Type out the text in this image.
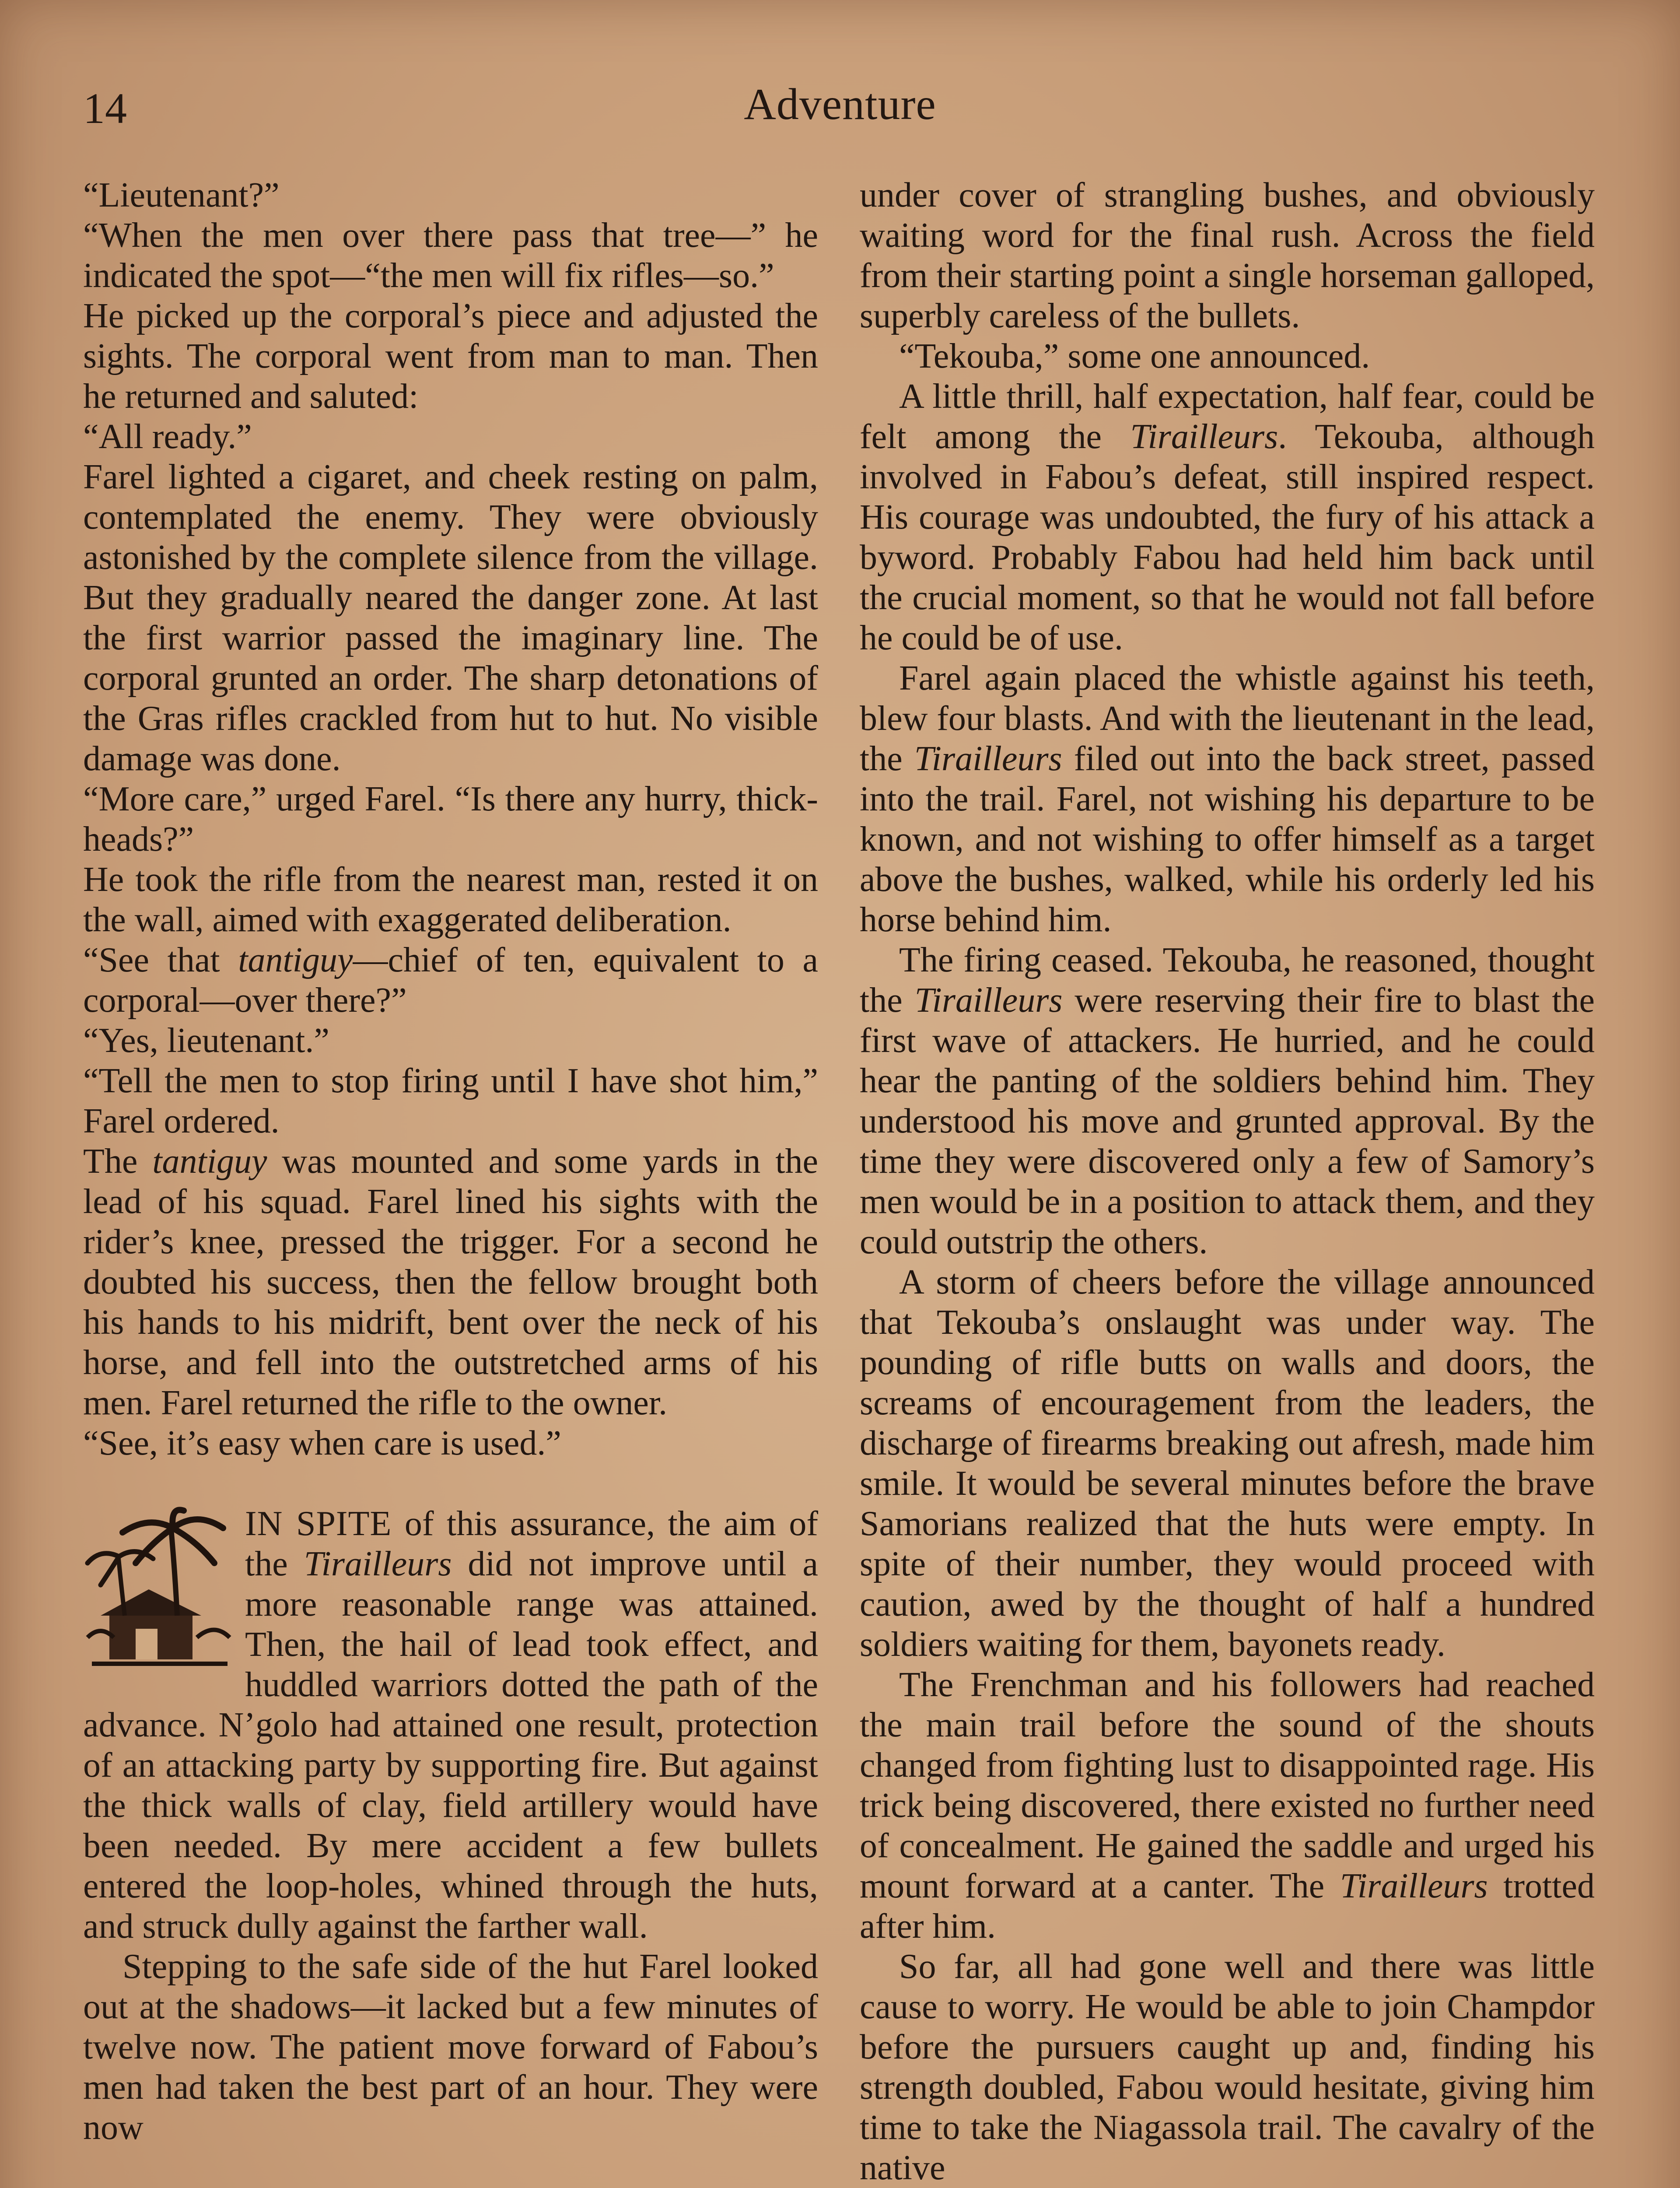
14	Adventure

“Lieutenant?”

“When the men over there pass that tree—” he indicated the spot—“the men will fix rifles—so.”

He picked up the corporal’s piece and adjusted the sights. The corporal went from man to man. Then he returned and saluted:

“All ready.”

Farel lighted a cigaret, and cheek resting on palm, contemplated the enemy. They were obviously astonished by the complete silence from the village. But they gradually neared the danger zone. At last the first warrior passed the imaginary line. The corporal grunted an order. The sharp detonations of the Gras rifles crackled from hut to hut. No visible damage was done.

“More care,” urged Farel. “Is there any hurry, thick-heads?”

He took the rifle from the nearest man, rested it on the wall, aimed with exaggerated deliberation.

“See that tantiguy—chief of ten, equivalent to a corporal—over there?”

“Yes, lieutenant.”

“Tell the men to stop firing until I have shot him,” Farel ordered.

The tantiguy was mounted and some yards in the lead of his squad. Farel lined his sights with the rider’s knee, pressed the trigger. For a second he doubted his success, then the fellow brought both his hands to his midrift, bent over the neck of his horse, and fell into the outstretched arms of his men. Farel returned the rifle to the owner.

“See, it’s easy when care is used.”

IN SPITE of this assurance, the aim of the Tirailleurs did not improve until a more reasonable range was attained. Then, the hail of lead took effect, and huddled warriors dotted the path of the advance. N’golo had attained one result, protection of an attacking party by supporting fire. But against the thick walls of clay, field artillery would have been needed. By mere accident a few bullets entered the loop-holes, whined through the huts, and struck dully against the farther wall.

Stepping to the safe side of the hut Farel looked out at the shadows—it lacked but a few minutes of twelve now. The patient move forward of Fabou’s men had taken the best part of an hour. They were now

under cover of strangling bushes, and obviously waiting word for the final rush. Across the field from their starting point a single horseman galloped, superbly careless of the bullets.

“Tekouba,” some one announced.

A little thrill, half expectation, half fear, could be felt among the Tirailleurs. Tekouba, although involved in Fabou’s defeat, still inspired respect. His courage was undoubted, the fury of his attack a byword. Probably Fabou had held him back until the crucial moment, so that he would not fall before he could be of use.

Farel again placed the whistle against his teeth, blew four blasts. And with the lieutenant in the lead, the Tirailleurs filed out into the back street, passed into the trail. Farel, not wishing his departure to be known, and not wishing to offer himself as a target above the bushes, walked, while his orderly led his horse behind him.

The firing ceased. Tekouba, he reasoned, thought the Tirailleurs were reserving their fire to blast the first wave of attackers. He hurried, and he could hear the panting of the soldiers behind him. They understood his move and grunted approval. By the time they were discovered only a few of Samory’s men would be in a position to attack them, and they could outstrip the others.

A storm of cheers before the village announced that Tekouba’s onslaught was under way. The pounding of rifle butts on walls and doors, the screams of encouragement from the leaders, the discharge of firearms breaking out afresh, made him smile. It would be several minutes before the brave Samorians realized that the huts were empty. In spite of their number, they would proceed with caution, awed by the thought of half a hundred soldiers waiting for them, bayonets ready.

The Frenchman and his followers had reached the main trail before the sound of the shouts changed from fighting lust to disappointed rage. His trick being discovered, there existed no further need of concealment. He gained the saddle and urged his mount forward at a canter. The Tirailleurs trotted after him.

So far, all had gone well and there was little cause to worry. He would be able to join Champdor before the pursuers caught up and, finding his strength doubled, Fabou would hesitate, giving him time to take the Niagassola trail. The cavalry of the native
